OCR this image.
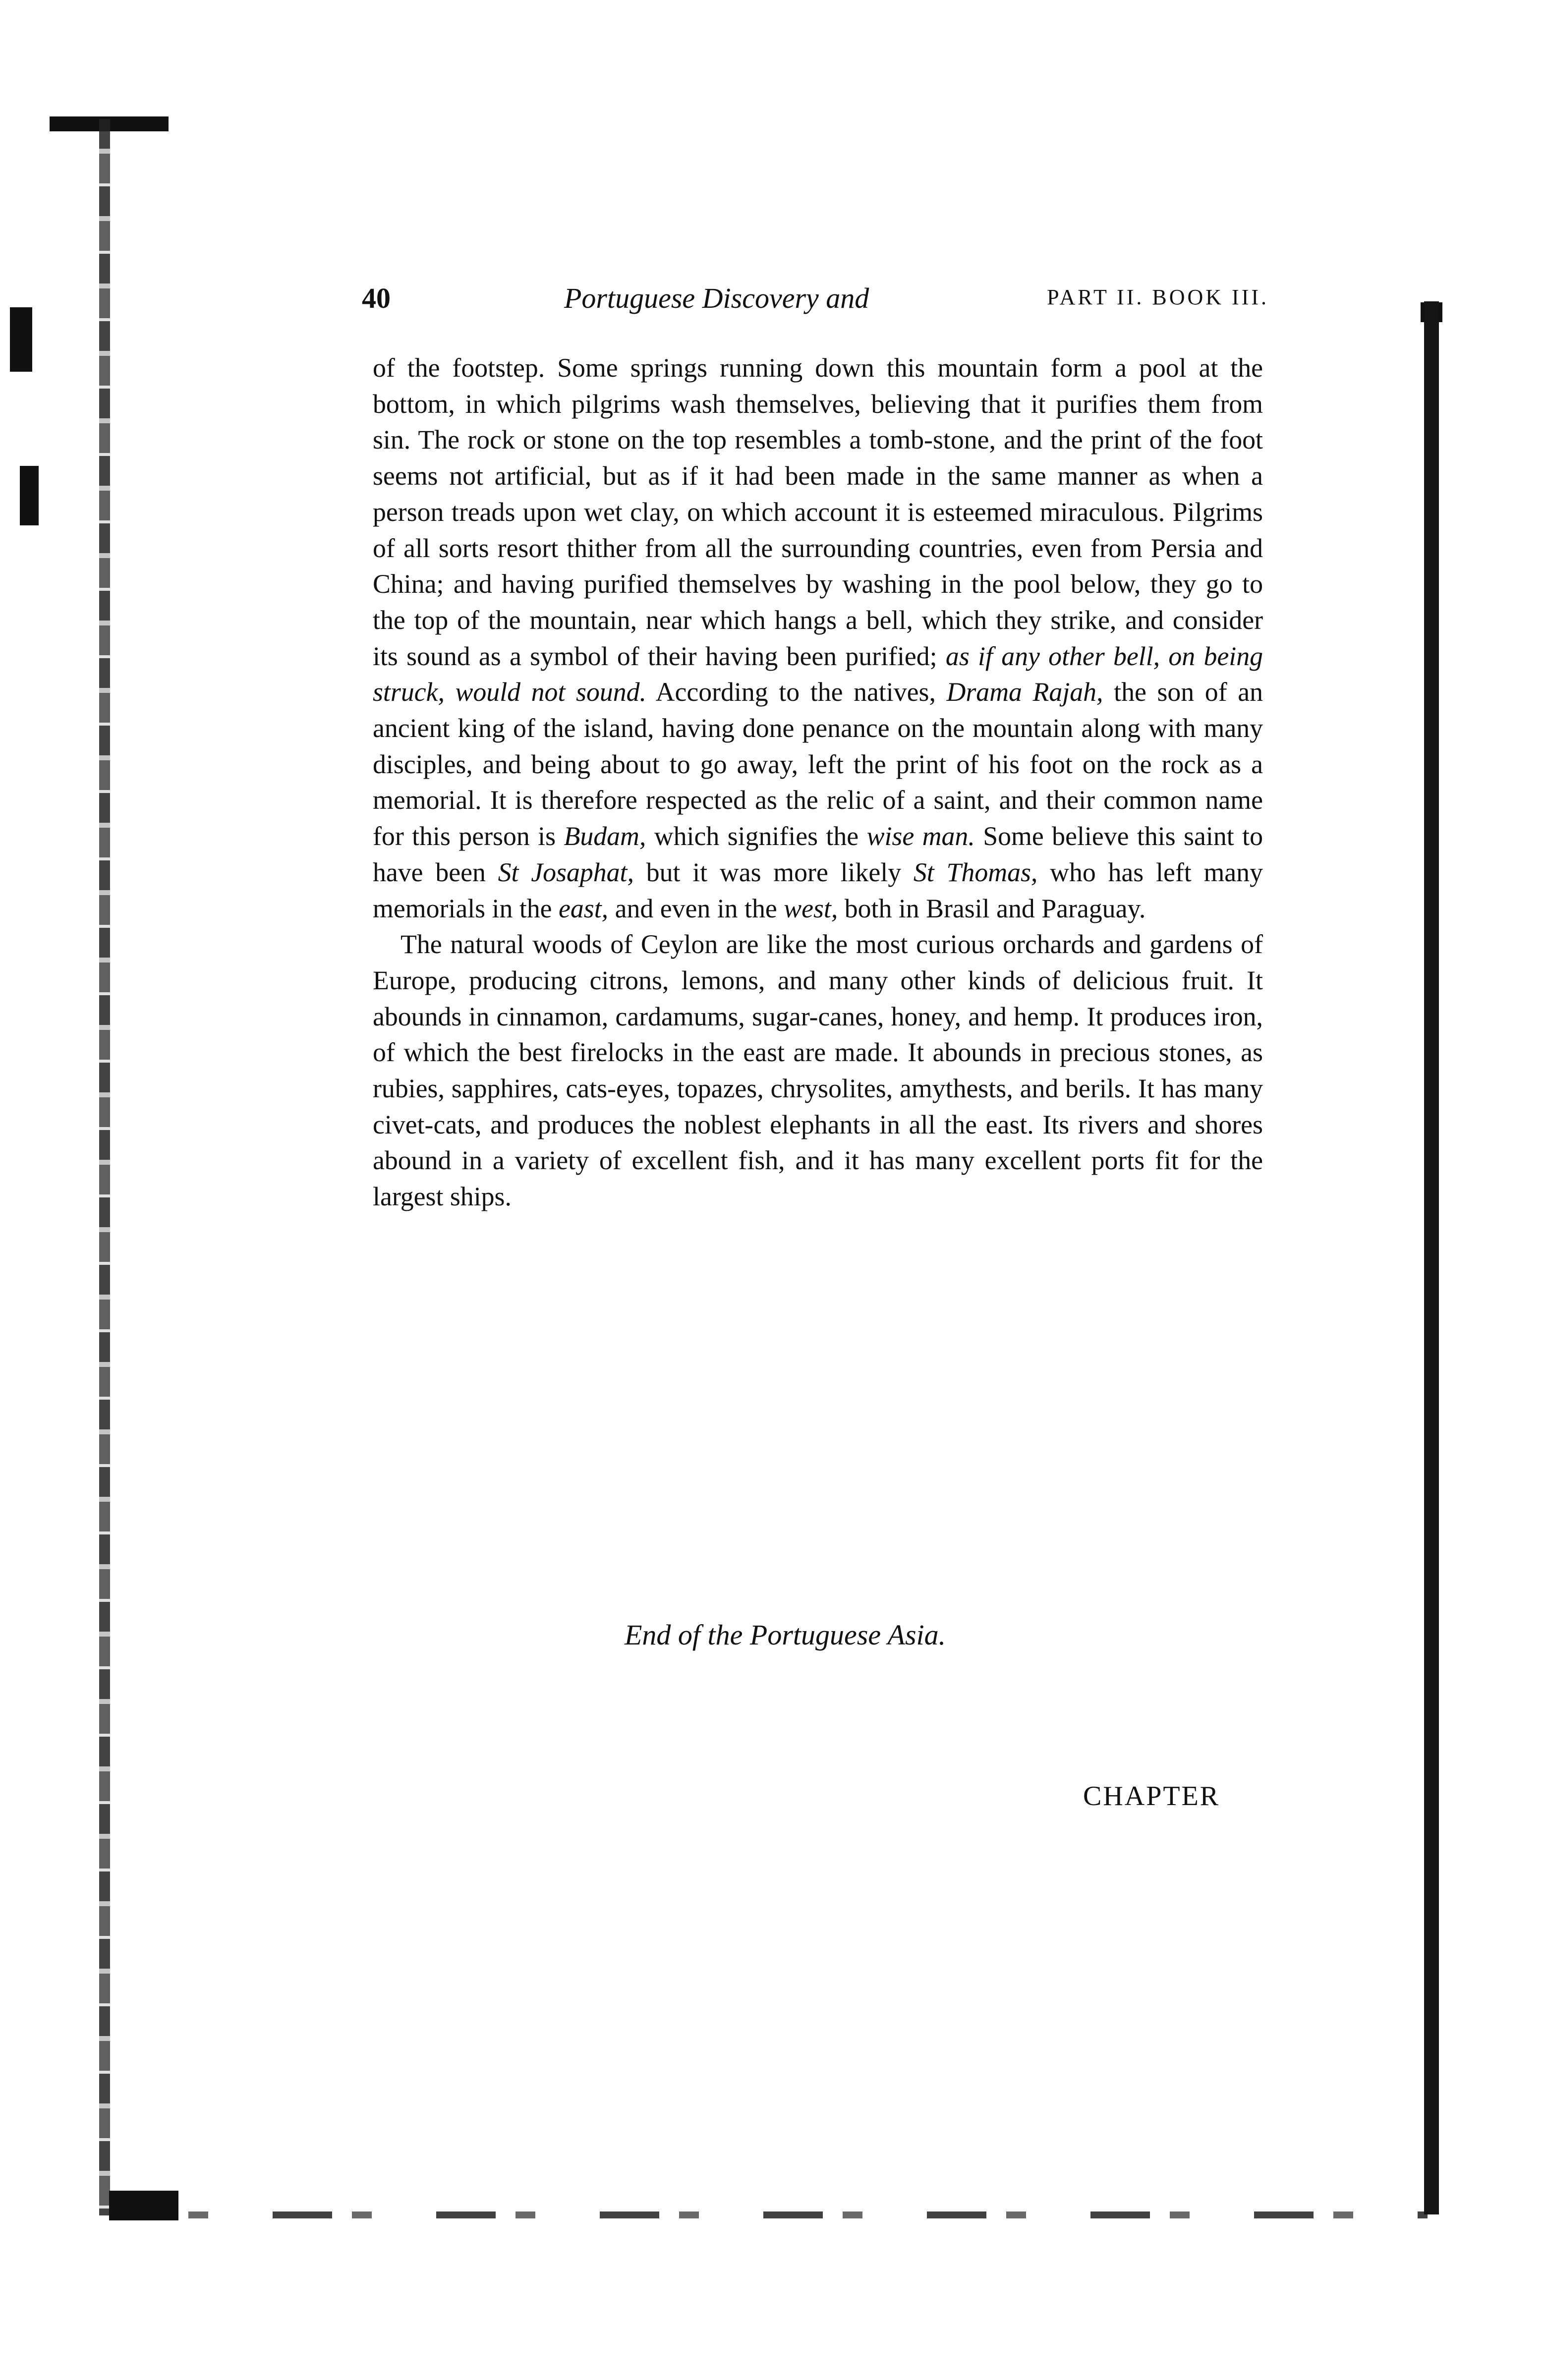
40	Portuguese Discovery and	PART II. BOOK III.

of the footstep. Some springs running down this mountain form a pool at the bottom, in which pilgrims wash themselves, believing that it purifies them from sin. The rock or stone on the top resembles a tomb-stone, and the print of the foot seems not artificial, but as if it had been made in the same manner as when a person treads upon wet clay, on which account it is esteemed miraculous. Pilgrims of all sorts resort thither from all the surrounding countries, even from Persia and China; and having purified themselves by washing in the pool below, they go to the top of the mountain, near which hangs a bell, which they strike, and consider its sound as a symbol of their having been purified; as if any other bell, on being struck, would not sound. According to the natives, Drama Rajah, the son of an ancient king of the island, having done penance on the mountain along with many disciples, and being about to go away, left the print of his foot on the rock as a memorial. It is therefore respected as the relic of a saint, and their common name for this person is Budam, which signifies the wise man. Some believe this saint to have been St Josaphat, but it was more likely St Thomas, who has left many memorials in the east, and even in the west, both in Brasil and Paraguay.

The natural woods of Ceylon are like the most curious orchards and gardens of Europe, producing citrons, lemons, and many other kinds of delicious fruit. It abounds in cinnamon, cardamums, sugar-canes, honey, and hemp. It produces iron, of which the best firelocks in the east are made. It abounds in precious stones, as rubies, sapphires, cats-eyes, topazes, chrysolites, amythests, and berils. It has many civet-cats, and produces the noblest elephants in all the east. Its rivers and shores abound in a variety of excellent fish, and it has many excellent ports fit for the largest ships.

End of the Portuguese Asia.
CHAPTER
